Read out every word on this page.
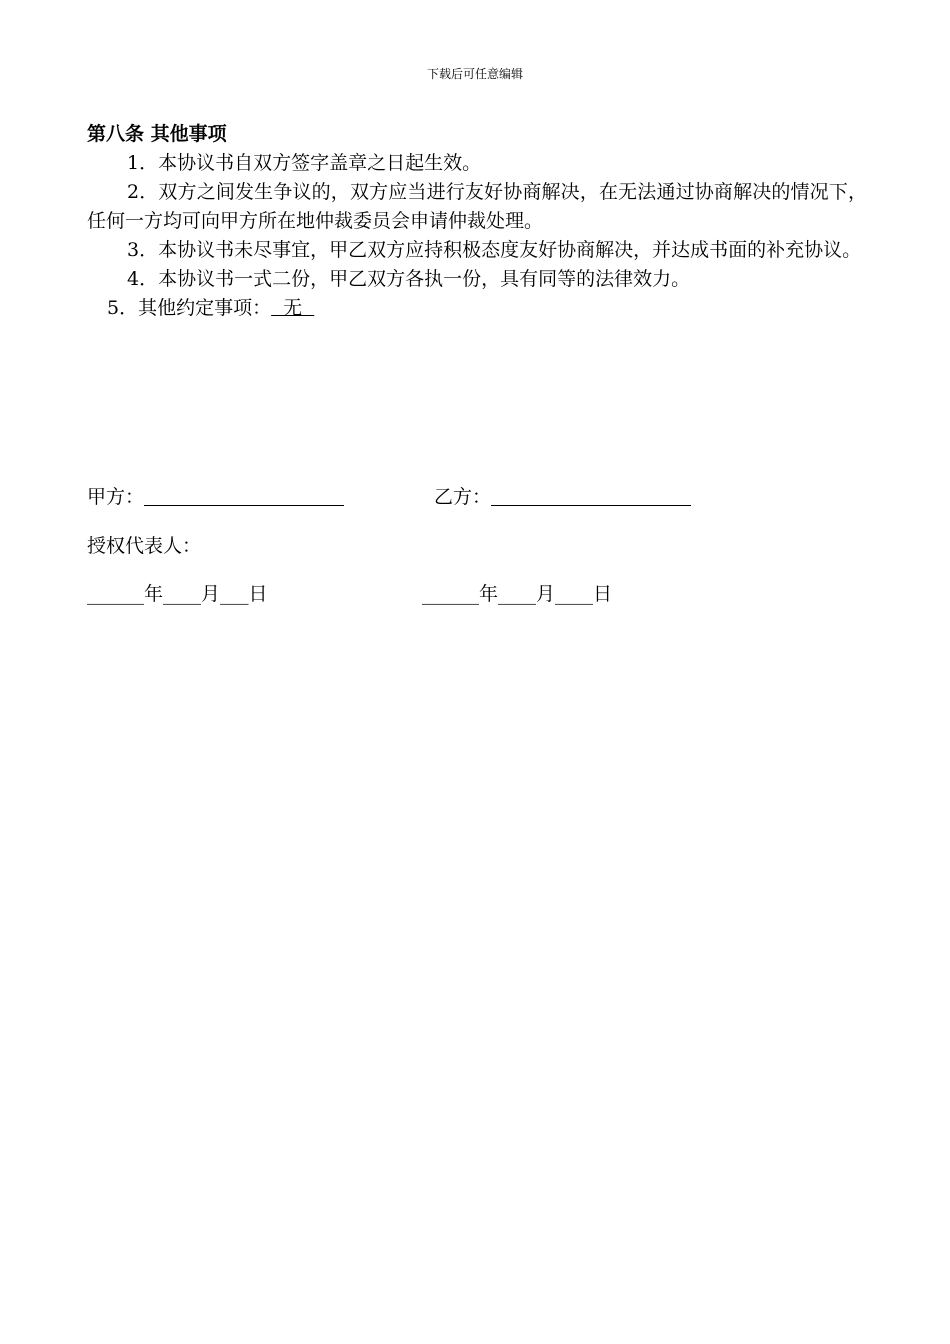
下载后可任意编辑

第八条 其他事项

1．本协议书自双方签字盖章之日起生效。

2．双方之间发生争议的，双方应当进行友好协商解决，在无法通过协商解决的情况下，任何一方均可向甲方所在地仲裁委员会申请仲裁处理。

3．本协议书未尽事宜，甲乙双方应持积极态度友好协商解决，并达成书面的补充协议。

4．本协议书一式二份，甲乙双方各执一份，具有同等的法律效力。

5．其他约定事项：  无

甲方：	乙方：
授权代表人：
______年____月___日	______年____月____日
